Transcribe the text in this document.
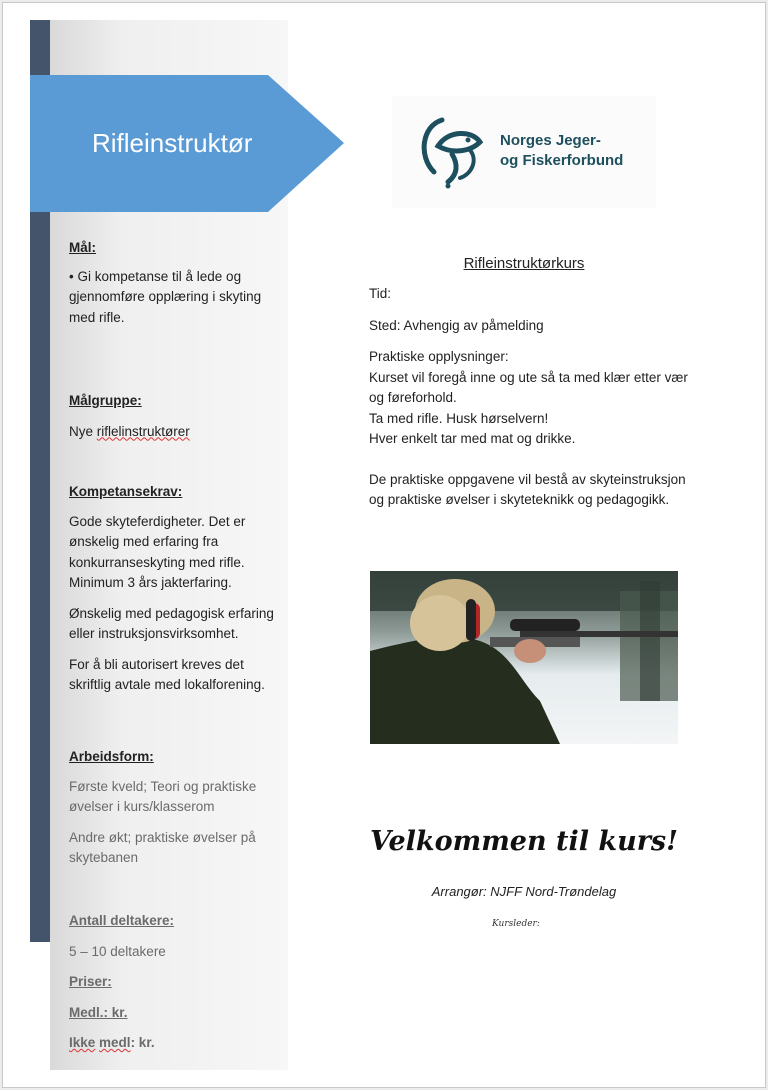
Rifleinstruktør	Norges Jeger-
og Fiskerforbund

Mål:

• Gi kompetanse til å lede og gjennomføre opplæring i skyting med rifle.

Målgruppe:

Nye riflelinstruktører

Kompetansekrav:

Gode skyteferdigheter. Det er ønskelig med erfaring fra konkurranseskyting med rifle. Minimum 3 års jakterfaring.

Ønskelig med pedagogisk erfaring eller instruksjonsvirksomhet.

For å bli autorisert kreves det skriftlig avtale med lokalforening.

Arbeidsform:

Første kveld; Teori og praktiske øvelser i kurs/klasserom

Andre økt; praktiske øvelser på skytebanen

Antall deltakere:

5 – 10 deltakere

Priser:

Medl.: kr.

Ikke medl: kr.

Rifleinstruktørkurs

Tid:

Sted: Avhengig av påmelding

Praktiske opplysninger:

Kurset vil foregå inne og ute så ta med klær etter vær og føreforhold.

Ta med rifle. Husk hørselvern!

Hver enkelt tar med mat og drikke.

De praktiske oppgavene vil bestå av skyteinstruksjon og praktiske øvelser i skyteteknikk og pedagogikk.

Velkommen til kurs!
Arrangør: NJFF Nord-Trøndelag
Kursleder:
